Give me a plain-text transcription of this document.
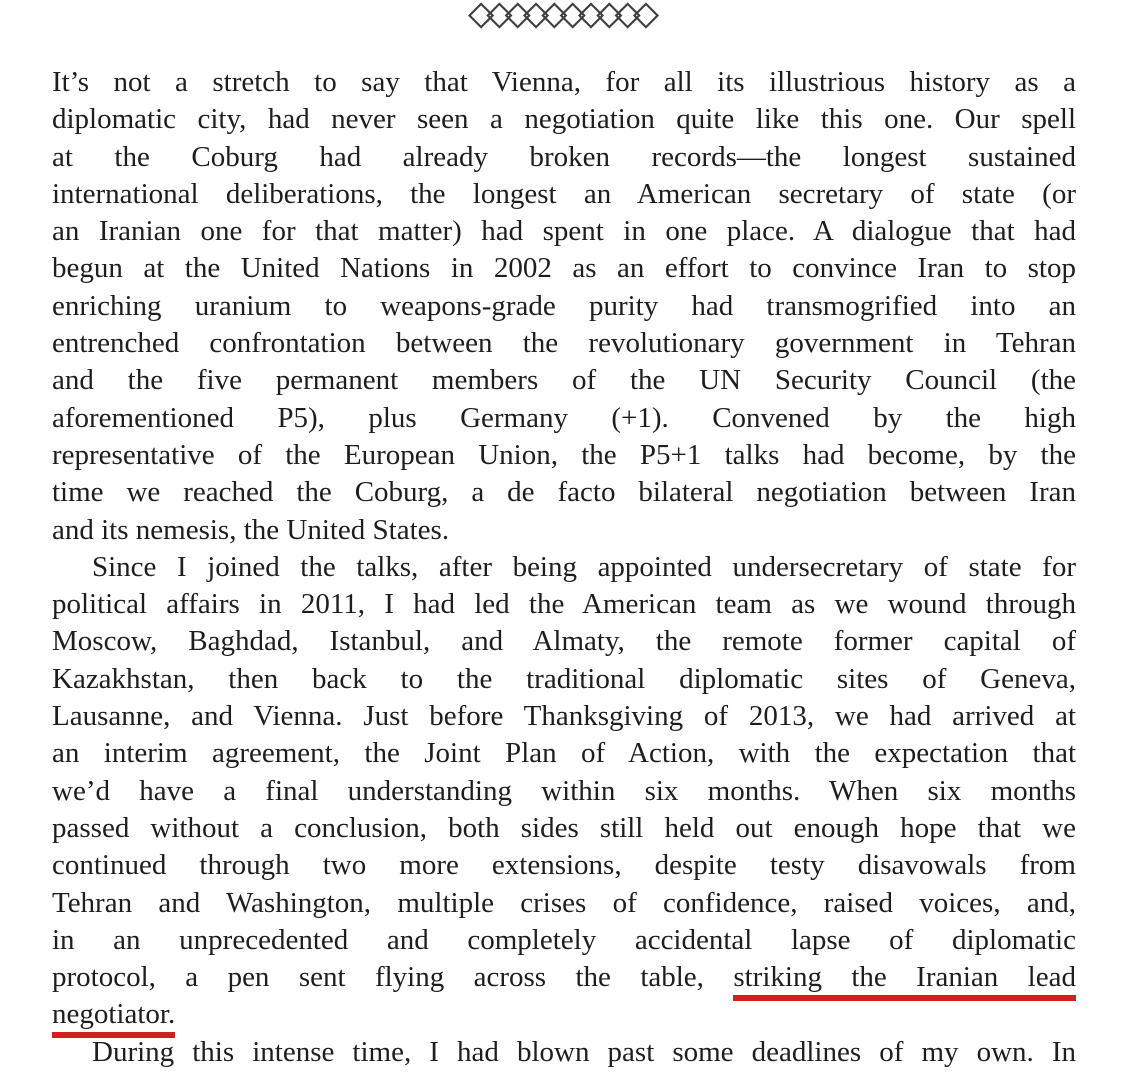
It’s not a stretch to say that Vienna, for all its illustrious history as a
diplomatic city, had never seen a negotiation quite like this one. Our spell
at the Coburg had already broken records—the longest sustained
international deliberations, the longest an American secretary of state (or
an Iranian one for that matter) had spent in one place. A dialogue that had
begun at the United Nations in 2002 as an effort to convince Iran to stop
enriching uranium to weapons-grade purity had transmogrified into an
entrenched confrontation between the revolutionary government in Tehran
and the five permanent members of the UN Security Council (the
aforementioned P5), plus Germany (+1). Convened by the high
representative of the European Union, the P5+1 talks had become, by the
time we reached the Coburg, a de facto bilateral negotiation between Iran
and its nemesis, the United States.
Since I joined the talks, after being appointed undersecretary of state for
political affairs in 2011, I had led the American team as we wound through
Moscow, Baghdad, Istanbul, and Almaty, the remote former capital of
Kazakhstan, then back to the traditional diplomatic sites of Geneva,
Lausanne, and Vienna. Just before Thanksgiving of 2013, we had arrived at
an interim agreement, the Joint Plan of Action, with the expectation that
we’d have a final understanding within six months. When six months
passed without a conclusion, both sides still held out enough hope that we
continued through two more extensions, despite testy disavowals from
Tehran and Washington, multiple crises of confidence, raised voices, and,
in an unprecedented and completely accidental lapse of diplomatic
protocol, a pen sent flying across the table, striking the Iranian lead
negotiator.
During this intense time, I had blown past some deadlines of my own. In
